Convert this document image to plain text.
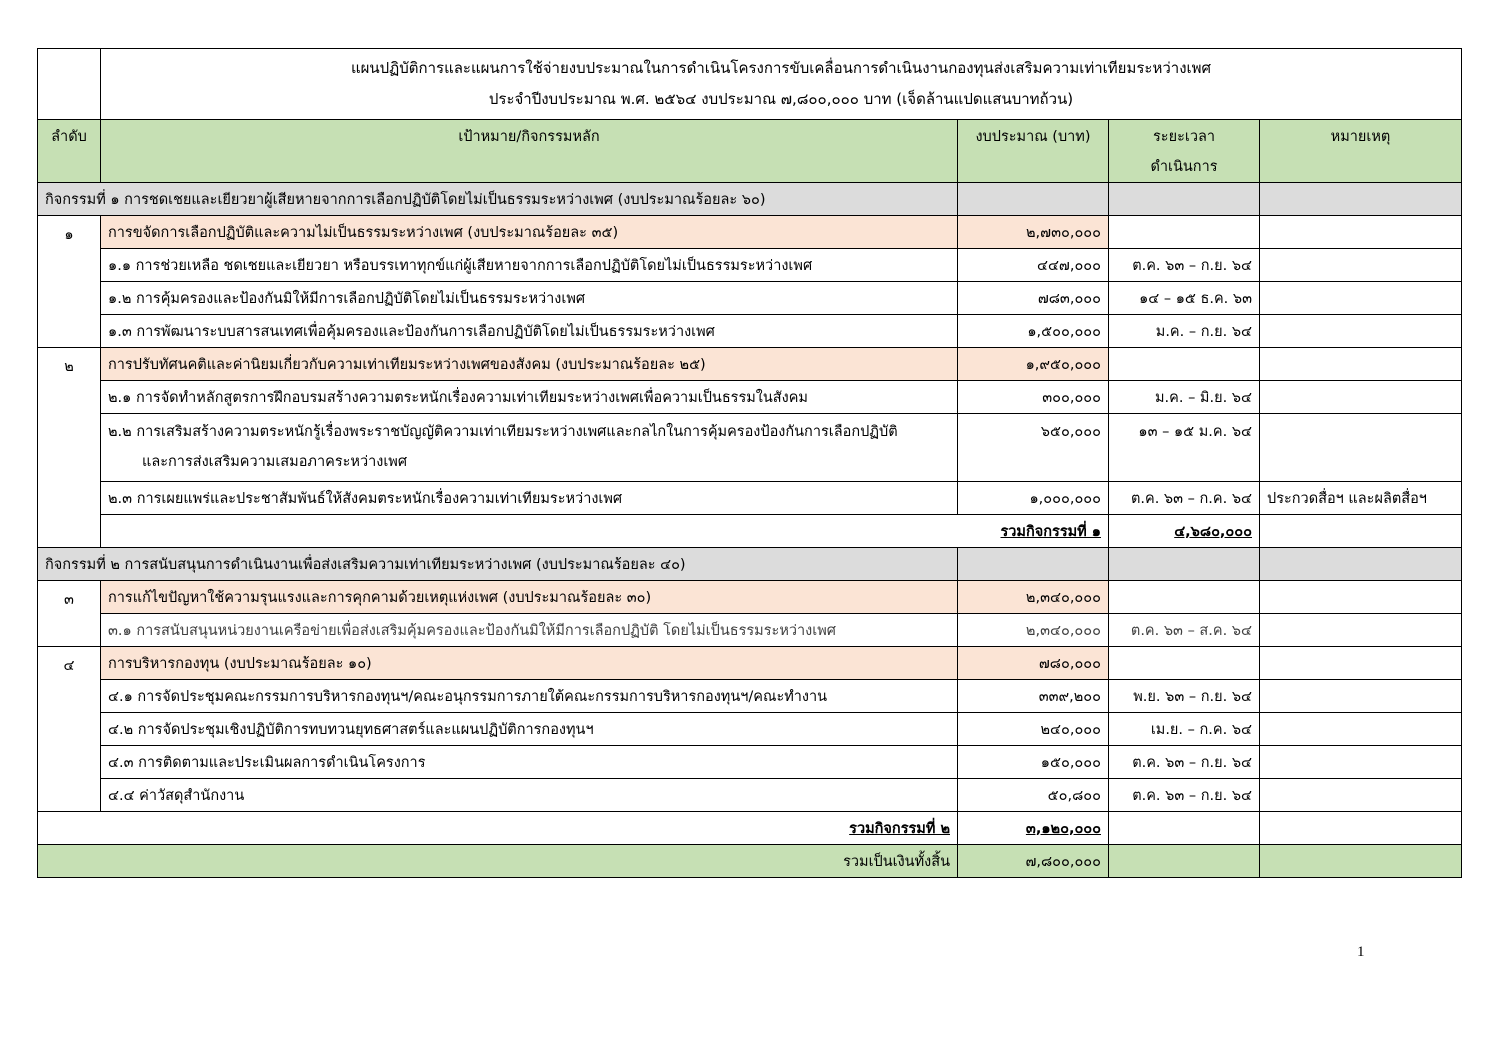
	แผนปฏิบัติการและแผนการใช้จ่ายงบประมาณในการดำเนินโครงการขับเคลื่อนการดำเนินงานกองทุนส่งเสริมความเท่าเทียมระหว่างเพศ
ประจำปีงบประมาณ พ.ศ. ๒๕๖๔ งบประมาณ ๗,๘๐๐,๐๐๐ บาท (เจ็ดล้านแปดแสนบาทถ้วน)				

ลำดับ	เป้าหมาย/กิจกรรมหลัก	งบประมาณ (บาท)	ระยะเวลา
ดำเนินการ	หมายเหตุ	
กิจกรรมที่ ๑ การชดเชยและเยียวยาผู้เสียหายจากการเลือกปฏิบัติโดยไม่เป็นธรรมระหว่างเพศ (งบประมาณร้อยละ ๖๐)					
๑	การขจัดการเลือกปฏิบัติและความไม่เป็นธรรมระหว่างเพศ (งบประมาณร้อยละ ๓๕)	๒,๗๓๐,๐๐๐			
	๑.๑ การช่วยเหลือ ชดเชยและเยียวยา หรือบรรเทาทุกข์แก่ผู้เสียหายจากการเลือกปฏิบัติโดยไม่เป็นธรรมระหว่างเพศ	๔๔๗,๐๐๐	ต.ค. ๖๓ – ก.ย. ๖๔		
	๑.๒ การคุ้มครองและป้องกันมิให้มีการเลือกปฏิบัติโดยไม่เป็นธรรมระหว่างเพศ	๗๘๓,๐๐๐	๑๔ – ๑๕ ธ.ค. ๖๓		
	๑.๓ การพัฒนาระบบสารสนเทศเพื่อคุ้มครองและป้องกันการเลือกปฏิบัติโดยไม่เป็นธรรมระหว่างเพศ	๑,๕๐๐,๐๐๐	ม.ค. – ก.ย. ๖๔		
๒	การปรับทัศนคติและค่านิยมเกี่ยวกับความเท่าเทียมระหว่างเพศของสังคม (งบประมาณร้อยละ ๒๕)	๑,๙๕๐,๐๐๐			
	๒.๑ การจัดทำหลักสูตรการฝึกอบรมสร้างความตระหนักเรื่องความเท่าเทียมระหว่างเพศเพื่อความเป็นธรรมในสังคม	๓๐๐,๐๐๐	ม.ค. – มิ.ย. ๖๔		

	๒.๒ การเสริมสร้างความตระหนักรู้เรื่องพระราชบัญญัติความเท่าเทียมระหว่างเพศและกลไกในการคุ้มครองป้องกันการเลือกปฏิบัติ
และการส่งเสริมความเสมอภาคระหว่างเพศ	๖๕๐,๐๐๐	๑๓ – ๑๕ ม.ค. ๖๔		
	๒.๓ การเผยแพร่และประชาสัมพันธ์ให้สังคมตระหนักเรื่องความเท่าเทียมระหว่างเพศ	๑,๐๐๐,๐๐๐	ต.ค. ๖๓ – ก.ค. ๖๔	ประกวดสื่อฯ และผลิตสื่อฯ	
	รวมกิจกรรมที่ ๑		๔,๖๘๐,๐๐๐		
กิจกรรมที่ ๒ การสนับสนุนการดำเนินงานเพื่อส่งเสริมความเท่าเทียมระหว่างเพศ (งบประมาณร้อยละ ๔๐)					
๓	การแก้ไขปัญหาใช้ความรุนแรงและการคุกคามด้วยเหตุแห่งเพศ (งบประมาณร้อยละ ๓๐)	๒,๓๔๐,๐๐๐			
	๓.๑ การสนับสนุนหน่วยงานเครือข่ายเพื่อส่งเสริมคุ้มครองและป้องกันมิให้มีการเลือกปฏิบัติ โดยไม่เป็นธรรมระหว่างเพศ	๒,๓๔๐,๐๐๐	ต.ค. ๖๓ – ส.ค. ๖๔		
๔	การบริหารกองทุน (งบประมาณร้อยละ ๑๐)	๗๘๐,๐๐๐			
	๔.๑ การจัดประชุมคณะกรรมการบริหารกองทุนฯ/คณะอนุกรรมการภายใต้คณะกรรมการบริหารกองทุนฯ/คณะทำงาน	๓๓๙,๒๐๐	พ.ย. ๖๓ – ก.ย. ๖๔		
	๔.๒ การจัดประชุมเชิงปฏิบัติการทบทวนยุทธศาสตร์และแผนปฏิบัติการกองทุนฯ	๒๔๐,๐๐๐	เม.ย. – ก.ค. ๖๔		
	๔.๓ การติดตามและประเมินผลการดำเนินโครงการ	๑๕๐,๐๐๐	ต.ค. ๖๓ – ก.ย. ๖๔		
	๔.๔ ค่าวัสดุสำนักงาน	๕๐,๘๐๐	ต.ค. ๖๓ – ก.ย. ๖๔		
รวมกิจกรรมที่ ๒		๓,๑๒๐,๐๐๐			
รวมเป็นเงินทั้งสิ้น		๗,๘๐๐,๐๐๐			
1
